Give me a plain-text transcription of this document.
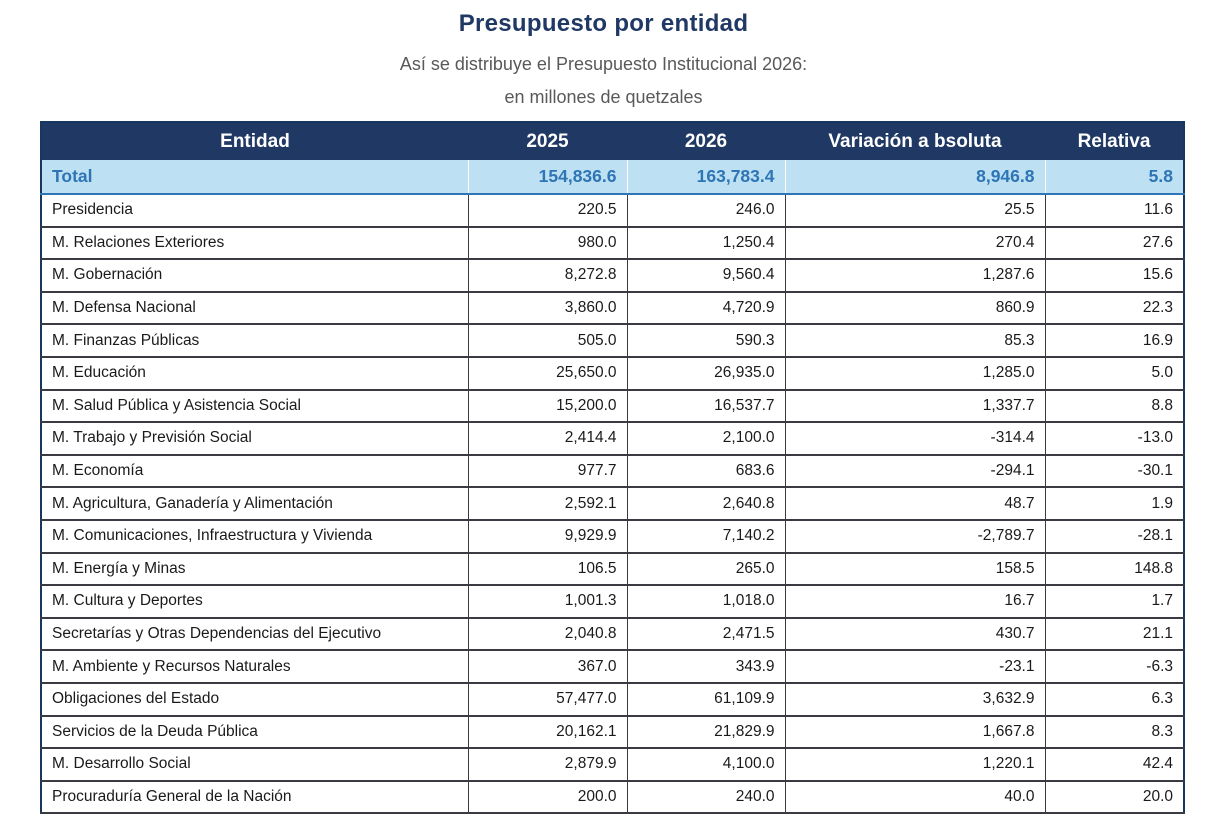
Presupuesto por entidad
Así se distribuye el Presupuesto Institucional 2026:
en millones de quetzales
Entidad	2025	2026	Variación a bsoluta	Relativa
Total	154,836.6	163,783.4	8,946.8	5.8
Presidencia	220.5	246.0	25.5	11.6
M. Relaciones Exteriores	980.0	1,250.4	270.4	27.6
M. Gobernación	8,272.8	9,560.4	1,287.6	15.6
M. Defensa Nacional	3,860.0	4,720.9	860.9	22.3
M. Finanzas Públicas	505.0	590.3	85.3	16.9
M. Educación	25,650.0	26,935.0	1,285.0	5.0
M. Salud Pública y Asistencia Social	15,200.0	16,537.7	1,337.7	8.8
M. Trabajo y Previsión Social	2,414.4	2,100.0	-314.4	-13.0
M. Economía	977.7	683.6	-294.1	-30.1
M. Agricultura, Ganadería y Alimentación	2,592.1	2,640.8	48.7	1.9
M. Comunicaciones, Infraestructura y Vivienda	9,929.9	7,140.2	-2,789.7	-28.1
M. Energía y Minas	106.5	265.0	158.5	148.8
M. Cultura y Deportes	1,001.3	1,018.0	16.7	1.7
Secretarías y Otras Dependencias del Ejecutivo	2,040.8	2,471.5	430.7	21.1
M. Ambiente y Recursos Naturales	367.0	343.9	-23.1	-6.3
Obligaciones del Estado	57,477.0	61,109.9	3,632.9	6.3
Servicios de la Deuda Pública	20,162.1	21,829.9	1,667.8	8.3
M. Desarrollo Social	2,879.9	4,100.0	1,220.1	42.4
Procuraduría General de la Nación	200.0	240.0	40.0	20.0
